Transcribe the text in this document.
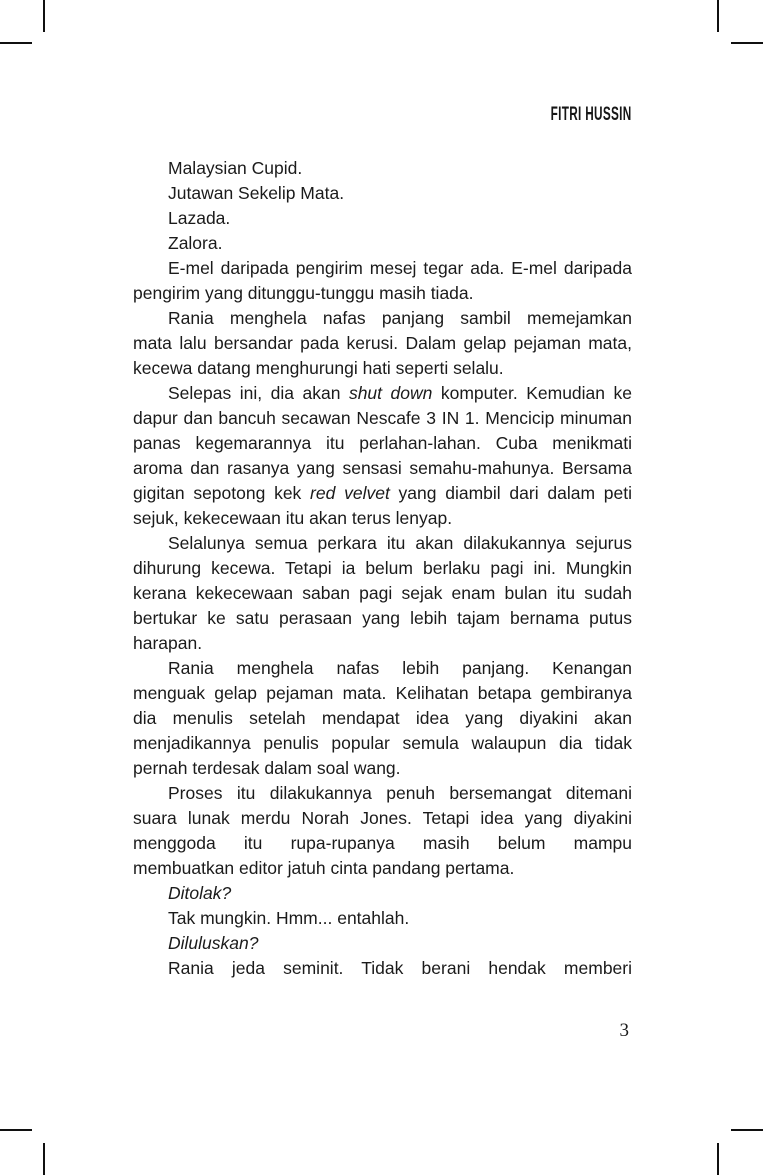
FITRI HUSSIN
Malaysian Cupid.
Jutawan Sekelip Mata.
Lazada.
Zalora.
E-mel daripada pengirim mesej tegar ada. E-mel daripada
pengirim yang ditunggu-tunggu masih tiada.
Rania menghela nafas panjang sambil memejamkan
mata lalu bersandar pada kerusi. Dalam gelap pejaman mata,
kecewa datang menghurungi hati seperti selalu.
Selepas ini, dia akan shut down komputer. Kemudian ke
dapur dan bancuh secawan Nescafe 3 IN 1. Mencicip minuman
panas kegemarannya itu perlahan-lahan. Cuba menikmati
aroma dan rasanya yang sensasi semahu-mahunya. Bersama
gigitan sepotong kek red velvet yang diambil dari dalam peti
sejuk, kekecewaan itu akan terus lenyap.
Selalunya semua perkara itu akan dilakukannya sejurus
dihurung kecewa. Tetapi ia belum berlaku pagi ini. Mungkin
kerana kekecewaan saban pagi sejak enam bulan itu sudah
bertukar ke satu perasaan yang lebih tajam bernama putus
harapan.
Rania menghela nafas lebih panjang. Kenangan
menguak gelap pejaman mata. Kelihatan betapa gembiranya
dia menulis setelah mendapat idea yang diyakini akan
menjadikannya penulis popular semula walaupun dia tidak
pernah terdesak dalam soal wang.
Proses itu dilakukannya penuh bersemangat ditemani
suara lunak merdu Norah Jones. Tetapi idea yang diyakini
menggoda itu rupa-rupanya masih belum mampu
membuatkan editor jatuh cinta pandang pertama.
Ditolak?
Tak mungkin. Hmm... entahlah.
Diluluskan?
Rania jeda seminit. Tidak berani hendak memberi
3
